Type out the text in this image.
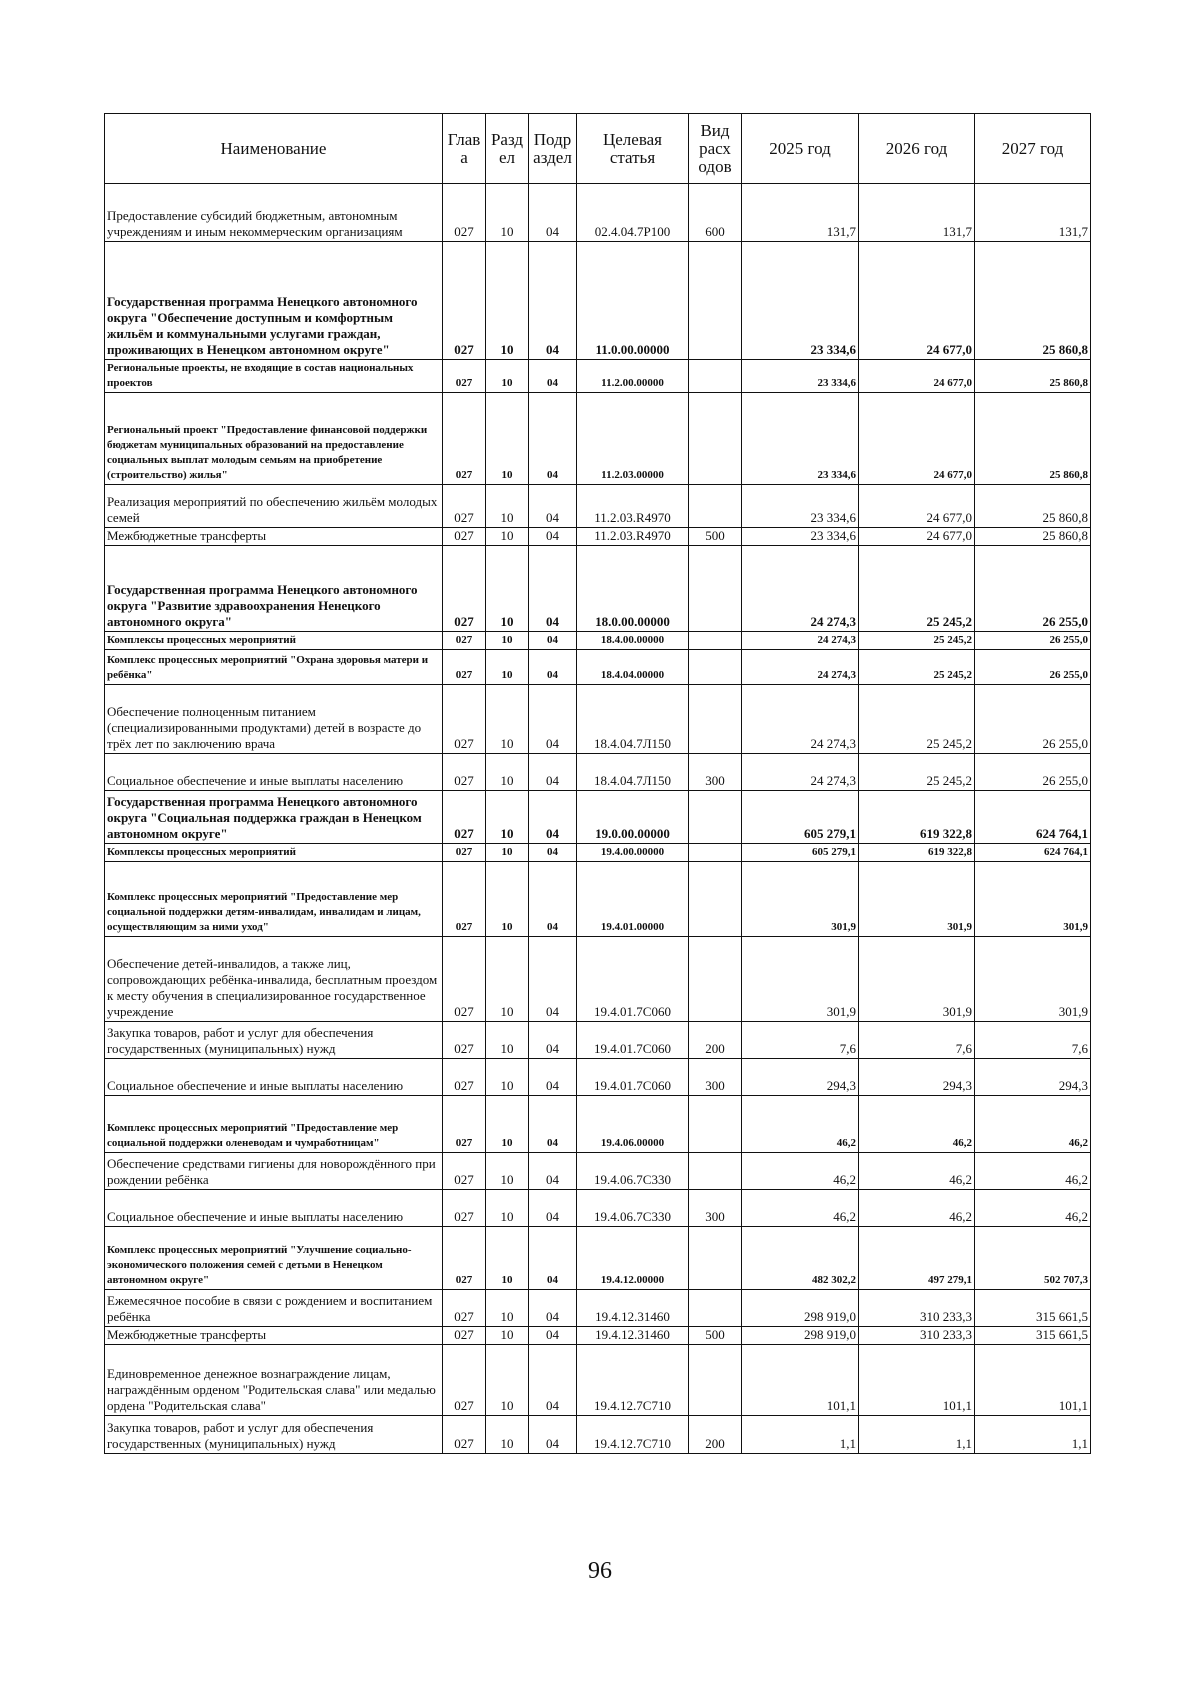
Наименование	Глав а	Разд ел	Подр аздел	Целевая статья	Вид расх одов	2025 год	2026 год	2027 год
Предоставление субсидий бюджетным, автономным учреждениям и иным некоммерческим организациям	027	10	04	02.4.04.7Р100	600	131,7	131,7	131,7
Государственная программа Ненецкого автономного округа "Обеспечение доступным и комфортным жильём и коммунальными услугами граждан, проживающих в Ненецком автономном округе"	027	10	04	11.0.00.00000		23 334,6	24 677,0	25 860,8
Региональные проекты, не входящие в состав национальных проектов	027	10	04	11.2.00.00000		23 334,6	24 677,0	25 860,8
Региональный проект "Предоставление финансовой поддержки бюджетам муниципальных образований на предоставление социальных выплат молодым семьям на приобретение (строительство) жилья"	027	10	04	11.2.03.00000		23 334,6	24 677,0	25 860,8
Реализация мероприятий по обеспечению жильём молодых семей	027	10	04	11.2.03.R4970		23 334,6	24 677,0	25 860,8
Межбюджетные трансферты	027	10	04	11.2.03.R4970	500	23 334,6	24 677,0	25 860,8
Государственная программа Ненецкого автономного округа "Развитие здравоохранения Ненецкого автономного округа"	027	10	04	18.0.00.00000		24 274,3	25 245,2	26 255,0
Комплексы процессных мероприятий	027	10	04	18.4.00.00000		24 274,3	25 245,2	26 255,0
Комплекс процессных мероприятий "Охрана здоровья матери и ребёнка"	027	10	04	18.4.04.00000		24 274,3	25 245,2	26 255,0
Обеспечение полноценным питанием (специализированными продуктами) детей в возрасте до трёх лет по заключению врача	027	10	04	18.4.04.7Л150		24 274,3	25 245,2	26 255,0
Социальное обеспечение и иные выплаты населению	027	10	04	18.4.04.7Л150	300	24 274,3	25 245,2	26 255,0
Государственная программа Ненецкого автономного округа "Социальная поддержка граждан в Ненецком автономном округе"	027	10	04	19.0.00.00000		605 279,1	619 322,8	624 764,1
Комплексы процессных мероприятий	027	10	04	19.4.00.00000		605 279,1	619 322,8	624 764,1
Комплекс процессных мероприятий "Предоставление мер социальной поддержки детям-инвалидам, инвалидам и лицам, осуществляющим за ними уход"	027	10	04	19.4.01.00000		301,9	301,9	301,9
Обеспечение детей-инвалидов, а также лиц, сопровождающих ребёнка-инвалида, бесплатным проездом к месту обучения в специализированное государственное учреждение	027	10	04	19.4.01.7С060		301,9	301,9	301,9
Закупка товаров, работ и услуг для обеспечения государственных (муниципальных) нужд	027	10	04	19.4.01.7С060	200	7,6	7,6	7,6
Социальное обеспечение и иные выплаты населению	027	10	04	19.4.01.7С060	300	294,3	294,3	294,3
Комплекс процессных мероприятий "Предоставление мер социальной поддержки оленеводам и чумработницам"	027	10	04	19.4.06.00000		46,2	46,2	46,2
Обеспечение средствами гигиены для новорождённого при рождении ребёнка	027	10	04	19.4.06.7С330		46,2	46,2	46,2
Социальное обеспечение и иные выплаты населению	027	10	04	19.4.06.7С330	300	46,2	46,2	46,2
Комплекс процессных мероприятий "Улучшение социально-экономического положения семей с детьми в Ненецком автономном округе"	027	10	04	19.4.12.00000		482 302,2	497 279,1	502 707,3
Ежемесячное пособие в связи с рождением и воспитанием ребёнка	027	10	04	19.4.12.31460		298 919,0	310 233,3	315 661,5
Межбюджетные трансферты	027	10	04	19.4.12.31460	500	298 919,0	310 233,3	315 661,5
Единовременное денежное вознаграждение лицам, награждённым орденом "Родительская слава" или медалью ордена "Родительская слава"	027	10	04	19.4.12.7С710		101,1	101,1	101,1
Закупка товаров, работ и услуг для обеспечения государственных (муниципальных) нужд	027	10	04	19.4.12.7С710	200	1,1	1,1	1,1
96
